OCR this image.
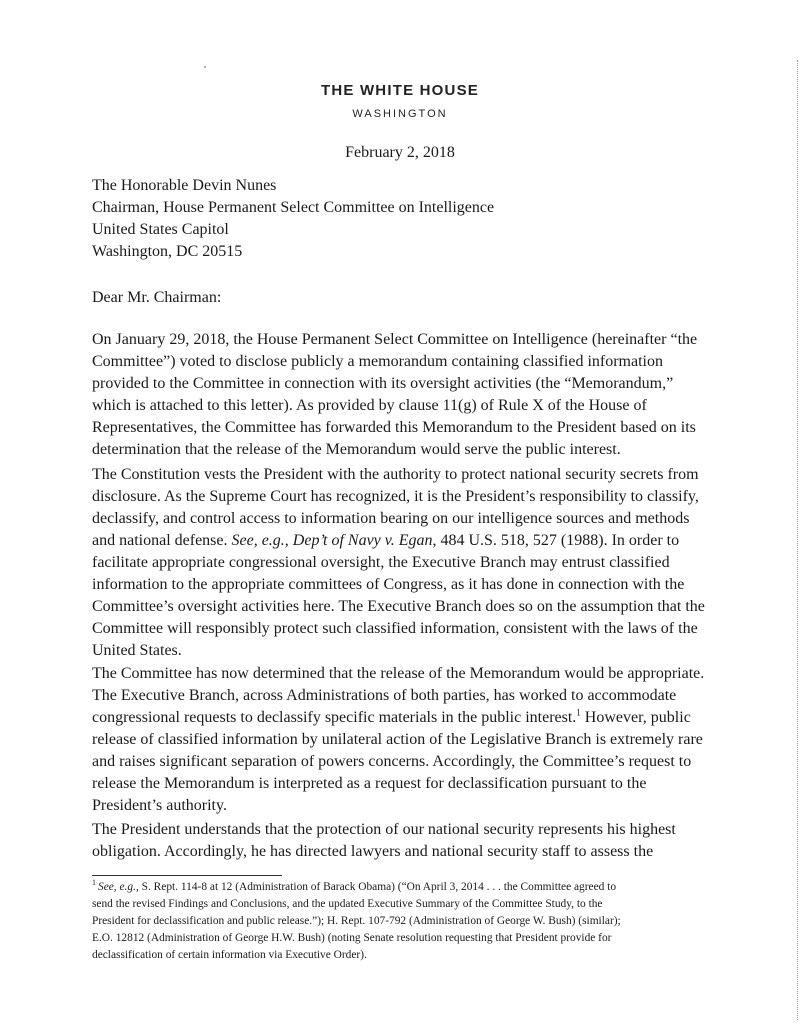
THE WHITE HOUSE
WASHINGTON
February 2, 2018
The Honorable Devin Nunes
Chairman, House Permanent Select Committee on Intelligence
United States Capitol
Washington, DC 20515
Dear Mr. Chairman:
On January 29, 2018, the House Permanent Select Committee on Intelligence (hereinafter “the
Committee”) voted to disclose publicly a memorandum containing classified information
provided to the Committee in connection with its oversight activities (the “Memorandum,”
which is attached to this letter). As provided by clause 11(g) of Rule X of the House of
Representatives, the Committee has forwarded this Memorandum to the President based on its
determination that the release of the Memorandum would serve the public interest.
The Constitution vests the President with the authority to protect national security secrets from
disclosure. As the Supreme Court has recognized, it is the President’s responsibility to classify,
declassify, and control access to information bearing on our intelligence sources and methods
and national defense. See, e.g., Dep’t of Navy v. Egan, 484 U.S. 518, 527 (1988). In order to
facilitate appropriate congressional oversight, the Executive Branch may entrust classified
information to the appropriate committees of Congress, as it has done in connection with the
Committee’s oversight activities here. The Executive Branch does so on the assumption that the
Committee will responsibly protect such classified information, consistent with the laws of the
United States.
The Committee has now determined that the release of the Memorandum would be appropriate.
The Executive Branch, across Administrations of both parties, has worked to accommodate
congressional requests to declassify specific materials in the public interest.$^1$ However, public
release of classified information by unilateral action of the Legislative Branch is extremely rare
and raises significant separation of powers concerns. Accordingly, the Committee’s request to
release the Memorandum is interpreted as a request for declassification pursuant to the
President’s authority.
The President understands that the protection of our national security represents his highest
obligation. Accordingly, he has directed lawyers and national security staff to assess the
$^1$ See, e.g., S. Rept. 114-8 at 12 (Administration of Barack Obama) (“On April 3, 2014 . . . the Committee agreed to
send the revised Findings and Conclusions, and the updated Executive Summary of the Committee Study, to the
President for declassification and public release.”); H. Rept. 107-792 (Administration of George W. Bush) (similar);
E.O. 12812 (Administration of George H.W. Bush) (noting Senate resolution requesting that President provide for
declassification of certain information via Executive Order).
